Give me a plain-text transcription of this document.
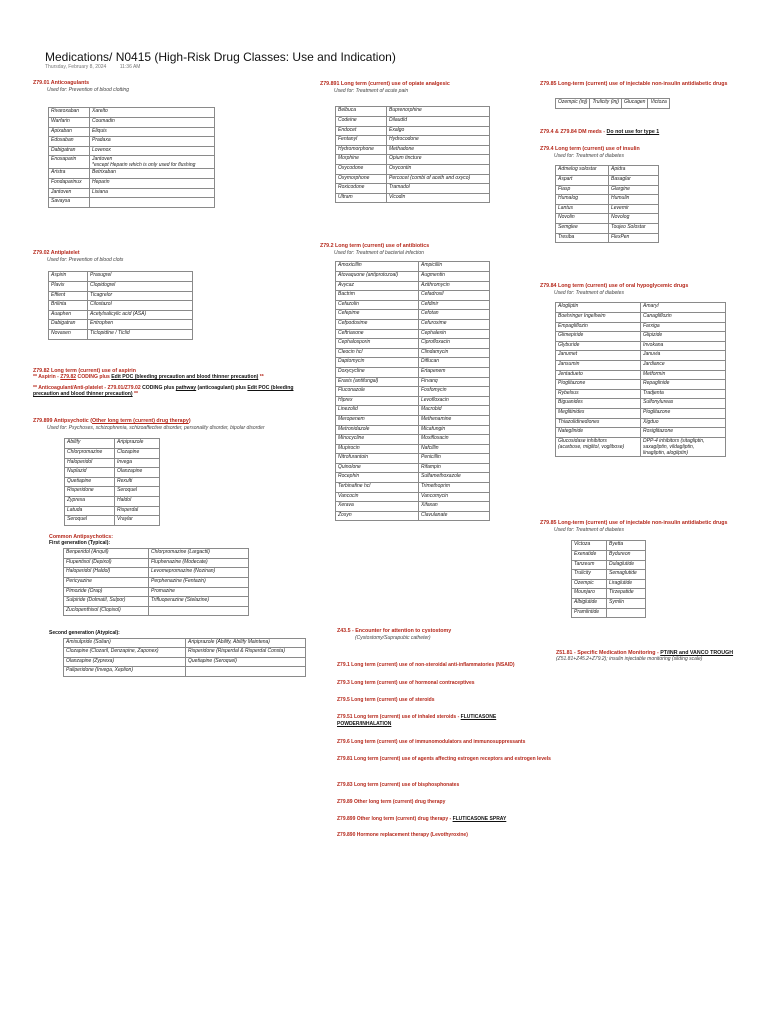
Medications/ N0415 (High-Risk Drug Classes: Use and Indication)
Thursday, February 8, 2024	11:36 AM
Z79.01 Anticoagulants
Used for: Prevention of blood clotting
Rivaroxaban	Xarelto
Warfarin	Coumadin
Apixaban	Eliquis
Edoxaban	Pradaxa
Dabigatran	Lovenox
Enoxaparin	Jantoven
*except Heparin which is only used for flushing
Aristra	Betrixaban
Fondaparinux	Heparin
Jantoven	Lixiana
Savaysa	
Z79.02 Antiplatelet
Used for: Prevention of blood clots
Aspirin	Prasugrel
Plavix	Clopidogrel
Effient	Ticagrelor
Brilinta	Cilostazol
Auaphen	Acetylsalicylic acid (ASA)
Dabigatran	Entrophen
Novasen	Ticlopidine / Ticlid
Z79.82 Long term (current) use of aspirin
** Aspirin - Z79.82 CODING plus Edit POC (bleeding precaution and blood thinner precaution) **
** Anticoagulant/Anti-platelet - Z79.01/Z79.02 CODING plus pathway (anticoagulant) plus Edit POC (bleeding precaution and blood thinner precaution) **
Z79.899 Antipsychotic (Other long term (current) drug therapy)
Used for: Psychoses, schizophrenia, schizoaffective disorder, personality disorder, bipolar disorder
Abilify	Aripiprazole
Chlorpromazine	Clozapine
Haloperidol	Invega
Nuplazid	Olanzapine
Quetiapine	Rexulti
Risperidone	Seroquel
Zyprexa	Haldol
Latuda	Risperdal
Seroquel	Vraylar
Common Antipsychotics:
First generation (Typical):
Benperidol (Anquil)	Chlorpromazine (Largactil)
Flupentixol (Depixol)	Fluphenazine (Modecate)
Haloperidol (Haldol)	Levomepromazine (Nozinan)
Pericyazine	Perphenazine (Fentazin)
Pimozide (Orap)	Promazine
Sulpiride (Dolmatil, Sulpor)	Trifluoperazine (Stelazine)
Zuclopenthixol (Clopixol)	
Second generation (Atypical):
Amisulpride (Solian)	Aripiprazole (Abilify, Abilify Maintena)
Clozapine (Clozaril, Denzapine, Zaponex)	Risperidone (Risperdal & Risperdal Consta)
Olanzapine (Zyprexa)	Quetiapine (Seroquel)
Paliperidone (Invega, Xeplion)	
Z79.891 Long term (current) use of opiate analgesic
Used for: Treatment of acute pain
Belbuca	Buprenorphine
Codeine	Dilaudid
Endocet	Exalgo
Fentanyl	Hydrocodone
Hydromorphone	Methadone
Morphine	Opium tincture
Oxycodone	Oxycontin
Oxymorphone	Percocet (combi of aceth and oxyco)
Roxicodone	Tramadol
Ultram	Vicodin
Z79.2 Long term (current) use of antibiotics
Used for: Treatment of bacterial infection
Amoxicillin	Ampicillin
Atovaquone (antiprotozoal)	Augmentin
Avycaz	Azithromycin
Bactrim	Cefadroxil
Cefazolin	Cefdinir
Cefepime	Cefotan
Cefpodoxime	Cefuroxime
Ceftriaxone	Cephalexin
Cephalosporin	Ciprofloxacin
Cleocin hcl	Clindamycin
Daptomycin	Diflucan
Doxycycline	Ertapenem
Eraxis (antifungal)	Firvanq
Fluconazole	Fosfomycin
Hiprex	Levofloxacin
Linezolid	Macrobid
Meropenem	Methenamine
Metronidazole	Micafungin
Minocycline	Moxifloxacin
Mupirocin	Nafcillin
Nitrofurantoin	Penicillin
Quinolone	Rifampin
Rocephin	Sulfamethoxazole
Terbinafine hcl	Trimethoprim
Vancocin	Vancomycin
Xerava	Xifaxan
Zosyn	Clavulanate
Z43.5 - Encounter for attention to cystostomy
(Cystostomy/Suprapubic catheter)
Z79.1 Long term (current) use of non-steroidal anti-inflammatories (NSAID)
Z79.3 Long term (current) use of hormonal contraceptives
Z79.5 Long term (current) use of steroids
Z79.51 Long term (current) use of inhaled steroids - FLUTICASONE POWDER/INHALATION
Z79.6 Long term (current) use of immunomodulators and immunosuppressants
Z79.81 Long term (current) use of agents affecting estrogen receptors and estrogen levels
Z79.83 Long term (current) use of bisphosphonates
Z79.89 Other long term (current) drug therapy
Z79.899 Other long term (current) drug therapy - FLUTICASONE SPRAY
Z79.890 Hormone replacement therapy (Levothyroxine)
Z79.85 Long-term (current) use of injectable non-insulin antidiabetic drugs
Ozempic (inj)	Trulicity (inj)	Glucagen	Victoza
Z79.4 & Z79.84 DM meds - Do not use for type 1
Z79.4 Long term (current) use of insulin
Used for: Treatment of diabetes
Admelog solostar	Apidra
Aspart	Basaglar
Fiasp	Glargine
Humalog	Humulin
Lantus	Levemir
Novolin	Novolog
Semglee	Toujeo Solostar
Tresiba	FlexPen
Z79.84 Long term (current) use of oral hypoglycemic drugs
Used for: Treatment of diabetes
Alogliptin	Amaryl
Boehringer Ingelheim	Canagliflozin
Empagliflozin	Farxiga
Glimepiride	Glipizide
Glyburide	Invokana
Janumet	Januvia
Jansumin	Jardiance
Jentadueto	Metformin
Pioglitazone	Repaglinide
Rybelsus	Tradjenta
Biguanides	Sulfonylureas
Meglitinides	Pioglitazone
Thiazolidinediones	Xigduo
Nateglinide	Rosiglitazone
Glucosidase inhibitors
(acarbose, miglitol, voglibose)	DPP-4 inhibitors (sitagliptin,
saxagliptin, vildagliptin,
linagliptin, alogliptin)
Z79.85 Long-term (current) use of injectable non-insulin antidiabetic drugs
Used for: Treatment of diabetes
Victoza	Byetta
Exenatide	Bydureon
Tanzeum	Dulaglutide
Trulicity	Semaglutide
Ozempic	Liraglutide
Mounjaro	Tirzepatide
Albiglutide	Symlin
Pramlintide	
Z51.81 - Specific Medication Monitoring - PT/INR and VANCO TROUGH
(Z51.81+Z45.2+Z79.2); insulin injectable monitoring (sliding scale)
